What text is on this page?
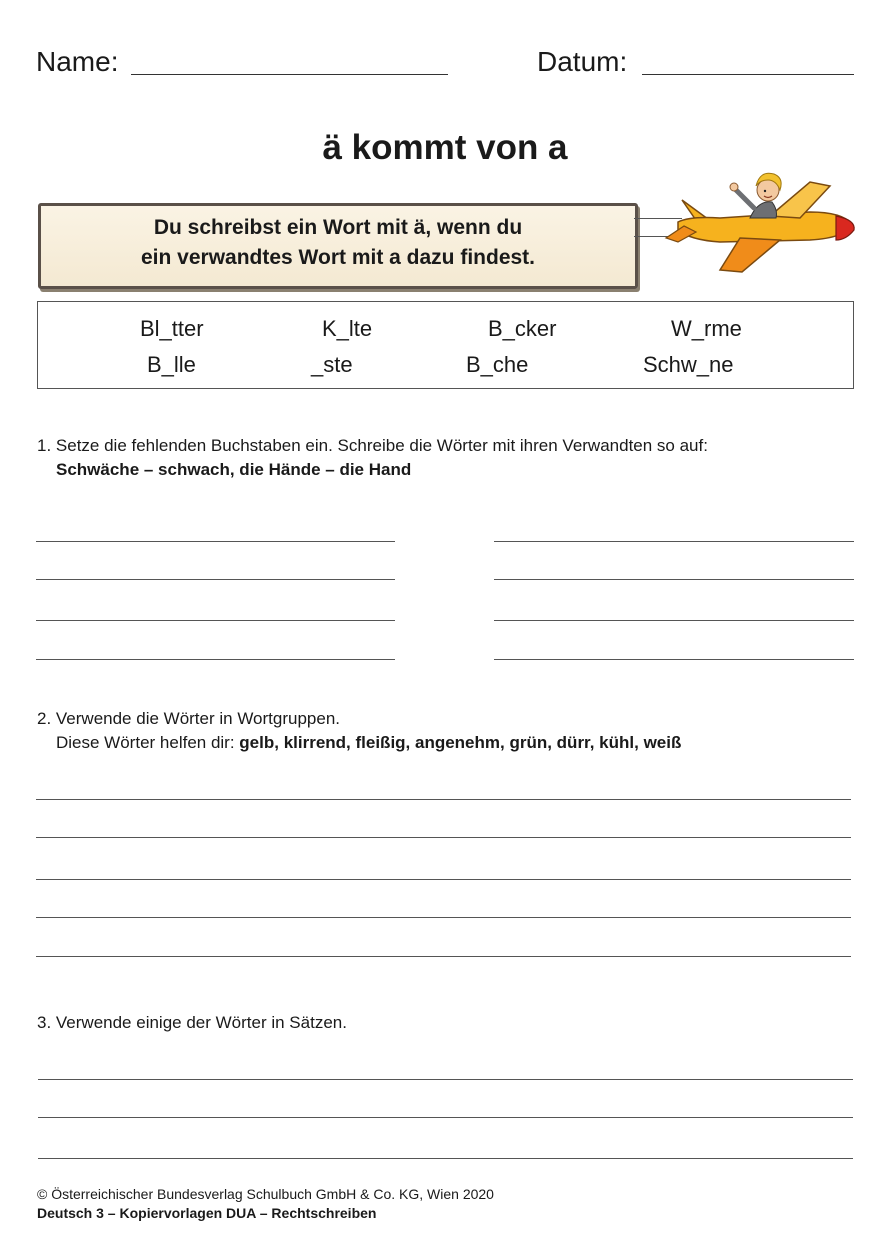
Name:	Datum:
ä kommt von a
Du schreibst ein Wort mit ä, wenn du
ein verwandtes Wort mit a dazu findest.
Bl_tter	K_lte	B_cker	W_rme
B_lle	_ste	B_che	Schw_ne
1. Setze die fehlenden Buchstaben ein. Schreibe die Wörter mit ihren Verwandten so auf:
Schwäche – schwach, die Hände – die Hand
2. Verwende die Wörter in Wortgruppen.
Diese Wörter helfen dir: gelb, klirrend, fleißig, angenehm, grün, dürr, kühl, weiß
3. Verwende einige der Wörter in Sätzen.
© Österreichischer Bundesverlag Schulbuch GmbH & Co. KG, Wien 2020
Deutsch 3 – Kopiervorlagen DUA – Rechtschreiben
